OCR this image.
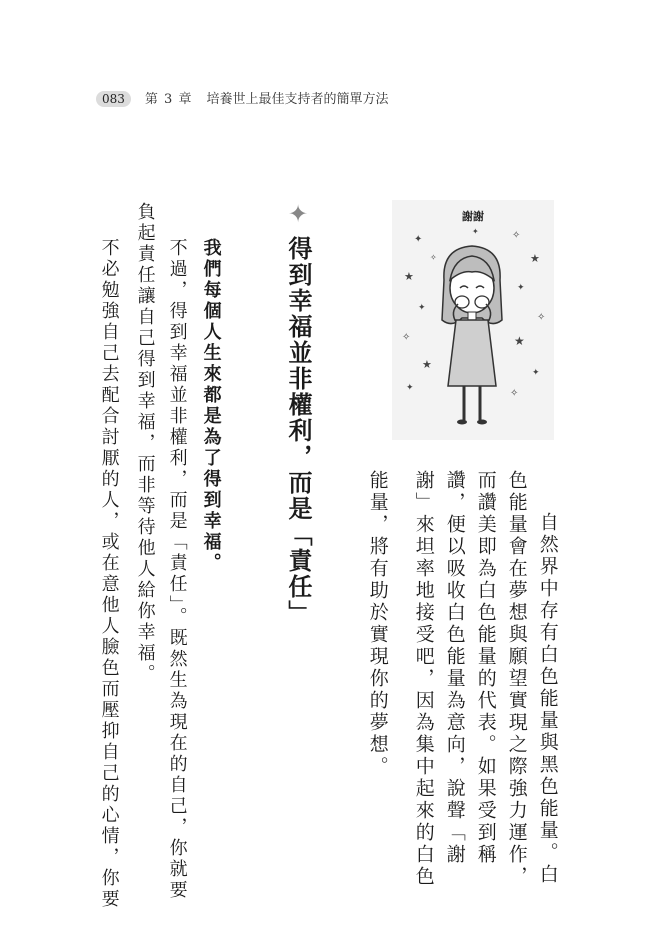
083	第 3 章 培養世上最佳支持者的簡單方法
謝謝
✦
✧
★
✦
✧
★
✦
✧
★
✦
✧
★
✦
✧
✦
自然界中存有白色能量與黑色能量。白
色能量會在夢想與願望實現之際強力運作，
而讚美即為白色能量的代表。如果受到稱
讚，便以吸收白色能量為意向，說聲「謝
謝」來坦率地接受吧，因為集中起來的白色
能量，將有助於實現你的夢想。
✦得到幸福並非權利，而是「責任」
我們每個人生來都是為了得到幸福。
不過，得到幸福並非權利，而是「責任」。既然生為現在的自己，你就要
負起責任讓自己得到幸福，而非等待他人給你幸福。
不必勉強自己去配合討厭的人，或在意他人臉色而壓抑自己的心情，你要
